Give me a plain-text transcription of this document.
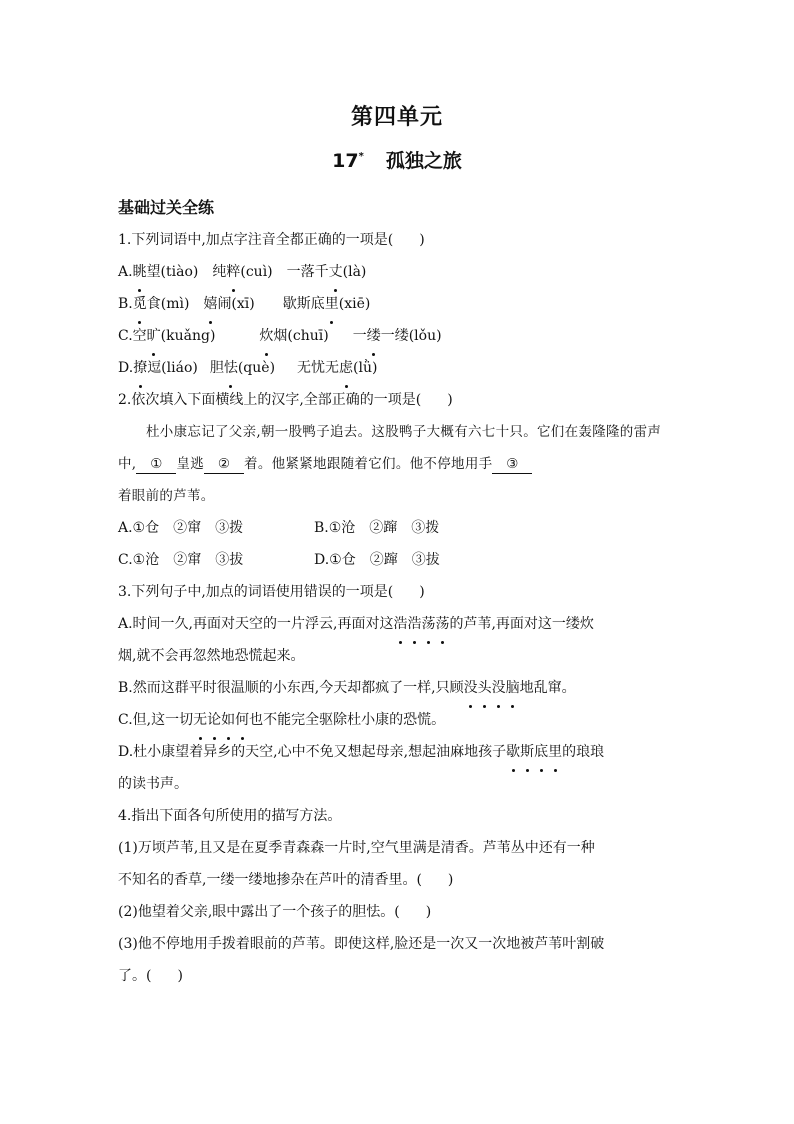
第四单元
17* 孤独之旅
基础过关全练
1.下列词语中,加点字注音全都正确的一项是( )
A.眺望(tiào) 纯粹(cuì) 一落千丈(là)
B.觅食(mì) 嬉闹(xī) 歇斯底里(xiē)
C.空旷(kuǎng)	炊烟(chuī) 一缕一缕(lǒu)
D.撩逗(liáo) 胆怯(què) 无忧无虑(lǜ)
2.依次填入下面横线上的汉字,全部正确的一项是( )
杜小康忘记了父亲,朝一股鸭子追去。这股鸭子大概有六七十只。它们在轰隆隆的雷声中, ① 皇逃 ② 着。他紧紧地跟随着它们。他不停地用手 ③
着眼前的芦苇。
A.①仓　②窜　③拨	B.①沧　②蹿　③拨
C.①沧　②窜　③拔	D.①仓　②蹿　③拔
3.下列句子中,加点的词语使用错误的一项是( )
A.时间一久,再面对天空的一片浮云,再面对这浩浩荡荡的芦苇,再面对这一缕炊
烟,就不会再忽然地恐慌起来。
B.然而这群平时很温顺的小东西,今天却都疯了一样,只顾没头没脑地乱窜。
C.但,这一切无论如何也不能完全驱除杜小康的恐慌。
D.杜小康望着异乡的天空,心中不免又想起母亲,想起油麻地孩子歇斯底里的琅琅
的读书声。
4.指出下面各句所使用的描写方法。
(1)万顷芦苇,且又是在夏季青森森一片时,空气里满是清香。芦苇丛中还有一种
不知名的香草,一缕一缕地掺杂在芦叶的清香里。( )
(2)他望着父亲,眼中露出了一个孩子的胆怯。( )
(3)他不停地用手拨着眼前的芦苇。即使这样,脸还是一次又一次地被芦苇叶割破
了。( )
